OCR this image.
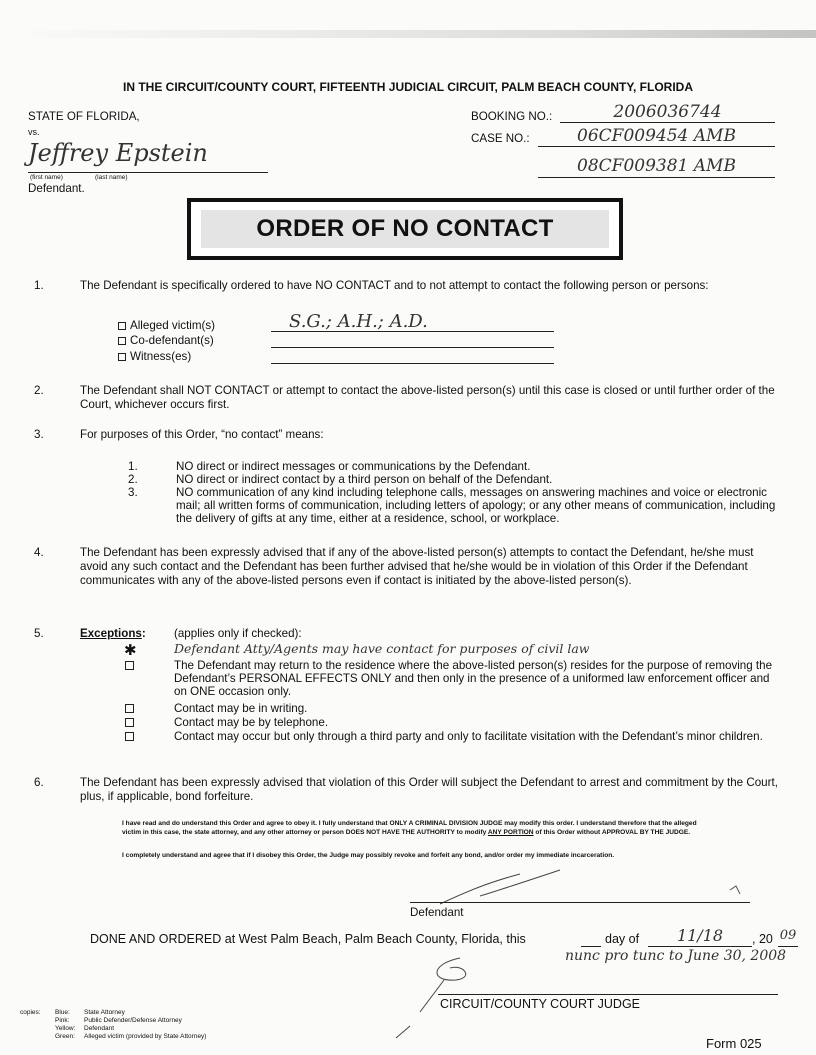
IN THE CIRCUIT/COUNTY COURT, FIFTEENTH JUDICIAL CIRCUIT, PALM BEACH COUNTY, FLORIDA
STATE OF FLORIDA,
vs.
Jeffrey Epstein
(first name)	(last name)
Defendant.
BOOKING NO.:	2006036744
CASE NO.:	06CF009454 AMB
08CF009381 AMB
ORDER OF NO CONTACT
1.	The Defendant is specifically ordered to have NO CONTACT and to not attempt to contact the following person or persons:
Alleged victim(s)	S.G.; A.H.; A.D.
Co-defendant(s)
Witness(es)
2.	The Defendant shall NOT CONTACT or attempt to contact the above-listed person(s) until this case is closed or until further order of the Court, whichever occurs first.
3.	For purposes of this Order, “no contact” means:
1.	NO direct or indirect messages or communications by the Defendant.
2.	NO direct or indirect contact by a third person on behalf of the Defendant.
3.	NO communication of any kind including telephone calls, messages on answering machines and voice or electronic mail; all written forms of communication, including letters of apology; or any other means of communication, including the delivery of gifts at any time, either at a residence, school, or workplace.
4.	The Defendant has been expressly advised that if any of the above-listed person(s) attempts to contact the Defendant, he/she must avoid any such contact and the Defendant has been further advised that he/she would be in violation of this Order if the Defendant communicates with any of the above-listed persons even if contact is initiated by the above-listed person(s).
5.	Exceptions: (applies only if checked):
✱	Defendant Atty/Agents may have contact for purposes of civil law
The Defendant may return to the residence where the above-listed person(s) resides for the purpose of removing the Defendant’s PERSONAL EFFECTS ONLY and then only in the presence of a uniformed law enforcement officer and on ONE occasion only.
Contact may be in writing.
Contact may be by telephone.
Contact may occur but only through a third party and only to facilitate visitation with the Defendant’s minor children.
6.	The Defendant has been expressly advised that violation of this Order will subject the Defendant to arrest and commitment by the Court, plus, if applicable, bond forfeiture.
I have read and do understand this Order and agree to obey it. I fully understand that ONLY A CRIMINAL DIVISION JUDGE may modify this order. I understand therefore that the alleged victim in this case, the state attorney, and any other attorney or person DOES NOT HAVE THE AUTHORITY to modify ANY PORTION of this Order without APPROVAL BY THE JUDGE.
I completely understand and agree that if I disobey this Order, the Judge may possibly revoke and forfeit any bond, and/or order my immediate incarceration.
Defendant
DONE AND ORDERED at West Palm Beach, Palm Beach County, Florida, this	day of	11/18	, 20 09
nunc pro tunc to June 30, 2008
CIRCUIT/COUNTY COURT JUDGE
copies: Blue: State Attorney
Pink: Public Defender/Defense Attorney
Yellow: Defendant
Green: Alleged victim (provided by State Attorney)	Form 025
